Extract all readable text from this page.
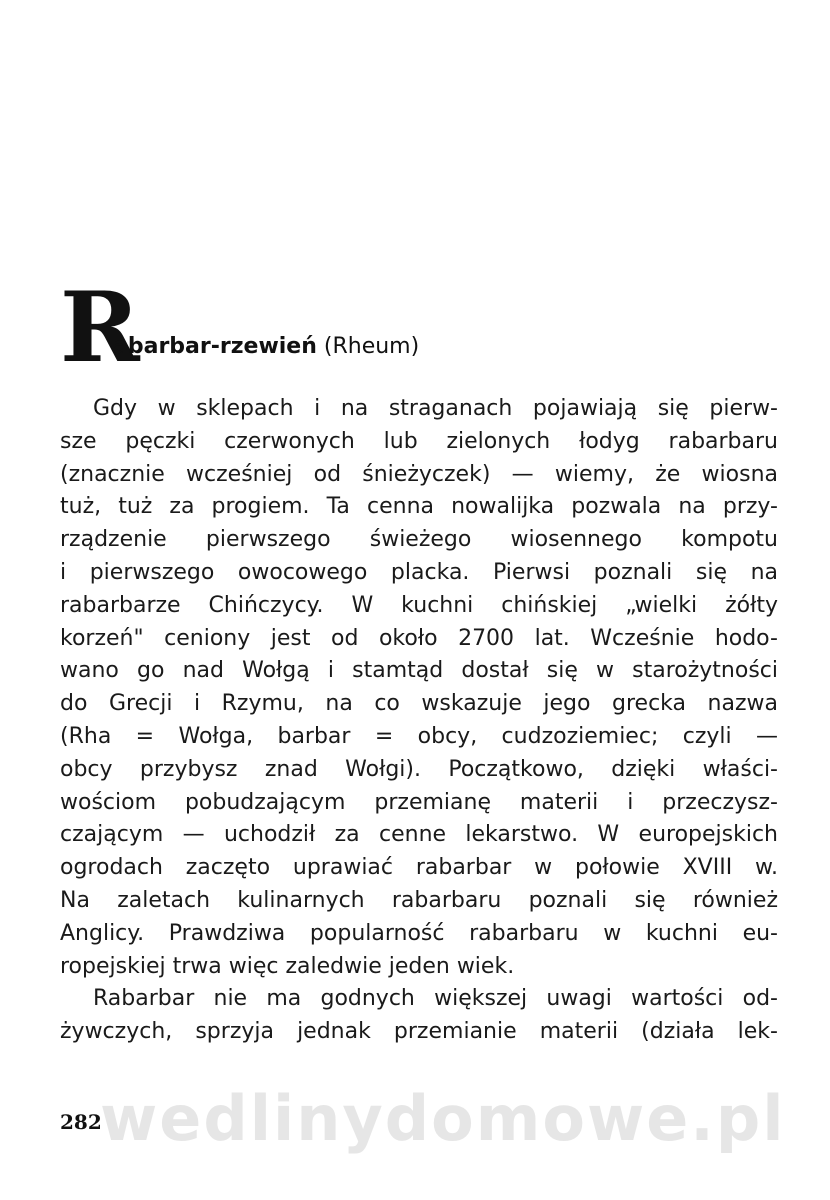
R
abarbar-rzewień (Rheum)
Gdy w sklepach i na straganach pojawiają się pierw-
sze pęczki czerwonych lub zielonych łodyg rabarbaru
(znacznie wcześniej od śnieżyczek) — wiemy, że wiosna
tuż, tuż za progiem. Ta cenna nowalijka pozwala na przy-
rządzenie pierwszego świeżego wiosennego kompotu
i pierwszego owocowego placka. Pierwsi poznali się na
rabarbarze Chińczycy. W kuchni chińskiej „wielki żółty
korzeń" ceniony jest od około 2700 lat. Wcześnie hodo-
wano go nad Wołgą i stamtąd dostał się w starożytności
do Grecji i Rzymu, na co wskazuje jego grecka nazwa
(Rha = Wołga, barbar = obcy, cudzoziemiec; czyli —
obcy przybysz znad Wołgi). Początkowo, dzięki właści-
wościom pobudzającym przemianę materii i przeczysz-
czającym — uchodził za cenne lekarstwo. W europejskich
ogrodach zaczęto uprawiać rabarbar w połowie XVIII w.
Na zaletach kulinarnych rabarbaru poznali się również
Anglicy. Prawdziwa popularność rabarbaru w kuchni eu-
ropejskiej trwa więc zaledwie jeden wiek.
Rabarbar nie ma godnych większej uwagi wartości od-
żywczych, sprzyja jednak przemianie materii (działa lek-
wedlinydomowe.pl
282
